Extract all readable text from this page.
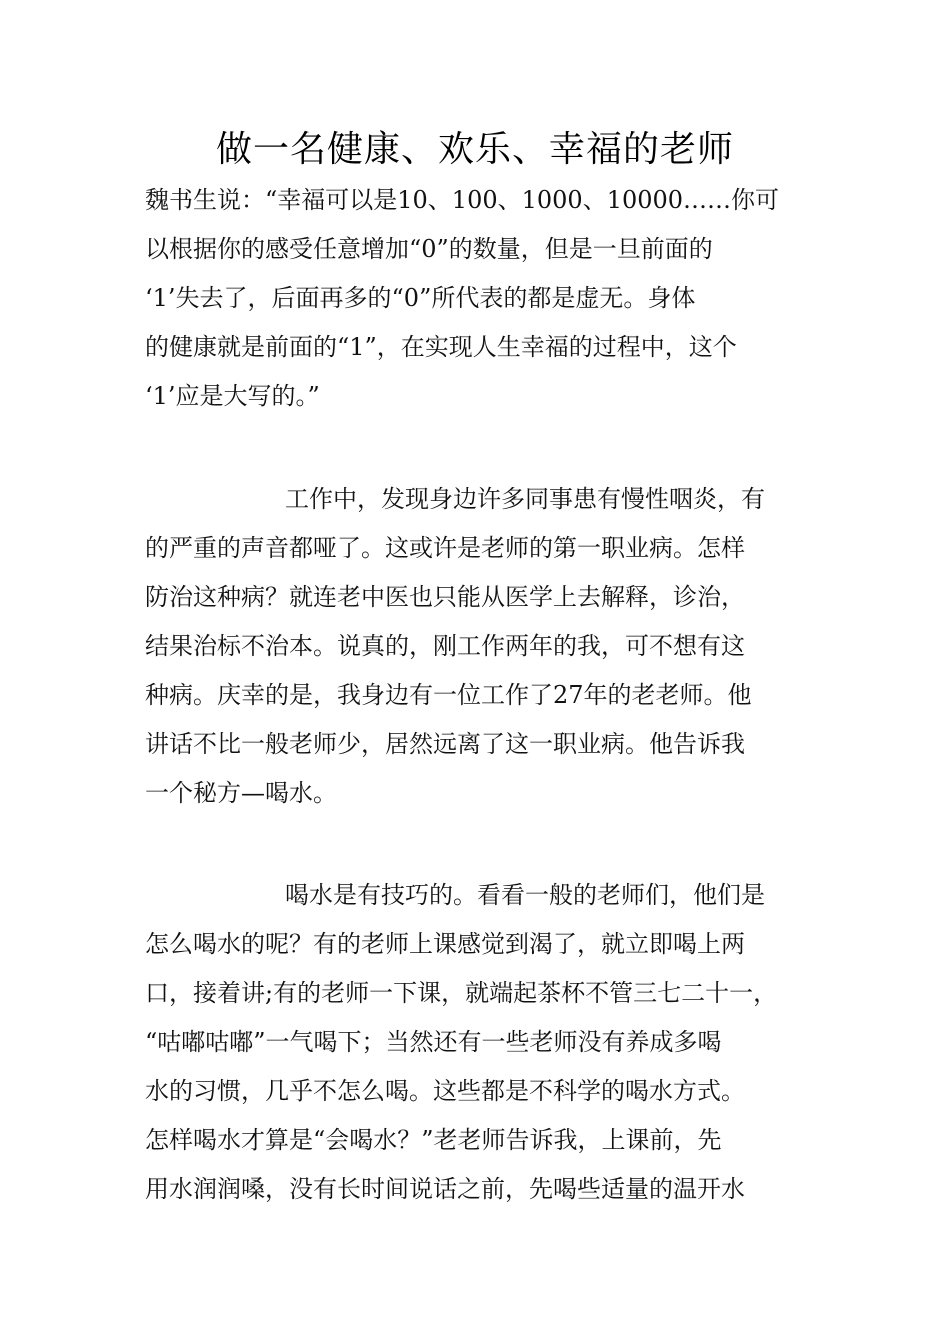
做一名健康、欢乐、幸福的老师
魏书生说：“幸福可以是10、100、1000、10000……你可
以根据你的感受任意增加“0”的数量，但是一旦前面的
‘1’失去了，后面再多的“0”所代表的都是虚无。身体
的健康就是前面的“1”，在实现人生幸福的过程中，这个
‘1’应是大写的。”
工作中，发现身边许多同事患有慢性咽炎，有
的严重的声音都哑了。这或许是老师的第一职业病。怎样
防治这种病？就连老中医也只能从医学上去解释，诊治，
结果治标不治本。说真的，刚工作两年的我，可不想有这
种病。庆幸的是，我身边有一位工作了27年的老老师。他
讲话不比一般老师少，居然远离了这一职业病。他告诉我
一个秘方—喝水。
喝水是有技巧的。看看一般的老师们，他们是
怎么喝水的呢？有的老师上课感觉到渴了，就立即喝上两
口，接着讲;有的老师一下课，就端起茶杯不管三七二十一，
“咕嘟咕嘟”一气喝下；当然还有一些老师没有养成多喝
水的习惯，几乎不怎么喝。这些都是不科学的喝水方式。
怎样喝水才算是“会喝水？”老老师告诉我，上课前，先
用水润润嗓，没有长时间说话之前，先喝些适量的温开水
